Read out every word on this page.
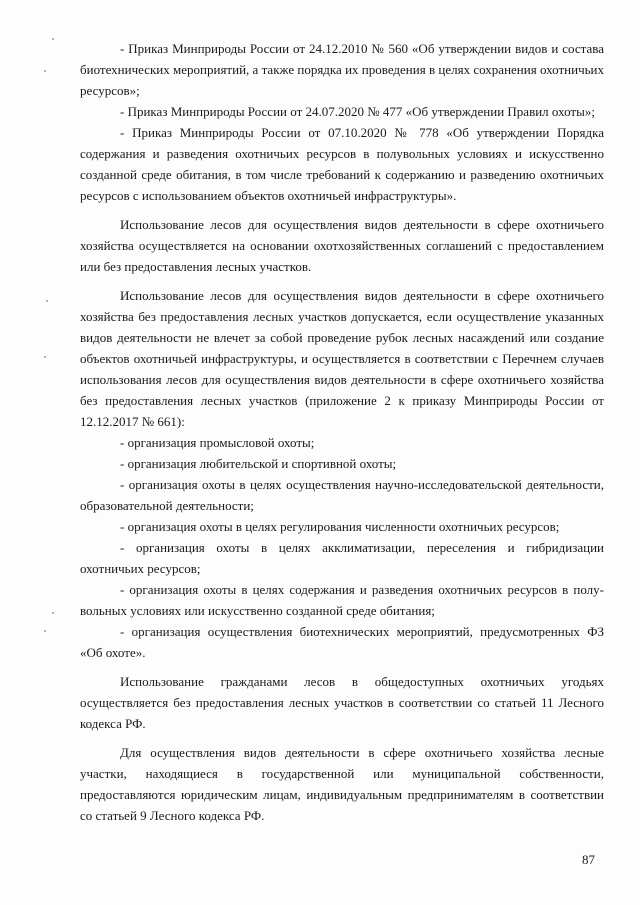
- Приказ Минприроды России от 24.12.2010 № 560 «Об утверждении видов и состава биотехнических мероприятий, а также порядка их проведения в целях сохранения охотничьих ресурсов»;

- Приказ Минприроды России от 24.07.2020 № 477 «Об утверждении Правил охоты»;

- Приказ Минприроды России от 07.10.2020 № 778 «Об утверждении Порядка содержания и разведения охотничьих ресурсов в полувольных условиях и искусственно созданной среде обитания, в том числе требований к содержанию и разведению охотничьих ресурсов с использованием объектов охотничьей инфраструктуры».

Использование лесов для осуществления видов деятельности в сфере охотничьего хозяйства осуществляется на основании охотхозяйственных соглашений с предоставлением или без предоставления лесных участков.

Использование лесов для осуществления видов деятельности в сфере охотничьего хозяйства без предоставления лесных участков допускается, если осуществление указанных видов деятельности не влечет за собой проведение рубок лесных насаждений или создание объектов охотничьей инфраструктуры, и осуществляется в соответствии с Перечнем случаев использования лесов для осуществления видов деятельности в сфере охотничьего хозяйства без предоставления лесных участков (приложение 2 к приказу Минприроды России от 12.12.2017 № 661):

- организация промысловой охоты;

- организация любительской и спортивной охоты;

- организация охоты в целях осуществления научно-исследовательской деятельности, образовательной деятельности;

- организация охоты в целях регулирования численности охотничьих ресурсов;

- организация охоты в целях акклиматизации, переселения и гибридизации охотничьих ресурсов;

- организация охоты в целях содержания и разведения охотничьих ресурсов в полу-вольных условиях или искусственно созданной среде обитания;

- организация осуществления биотехнических мероприятий, предусмотренных ФЗ «Об охоте».

Использование гражданами лесов в общедоступных охотничьих угодьях осуществляется без предоставления лесных участков в соответствии со статьей 11 Лесного кодекса РФ.

Для осуществления видов деятельности в сфере охотничьего хозяйства лесные участки, находящиеся в государственной или муниципальной собственности, предоставляются юридическим лицам, индивидуальным предпринимателям в соответствии со статьей 9 Лесного кодекса РФ.

87
